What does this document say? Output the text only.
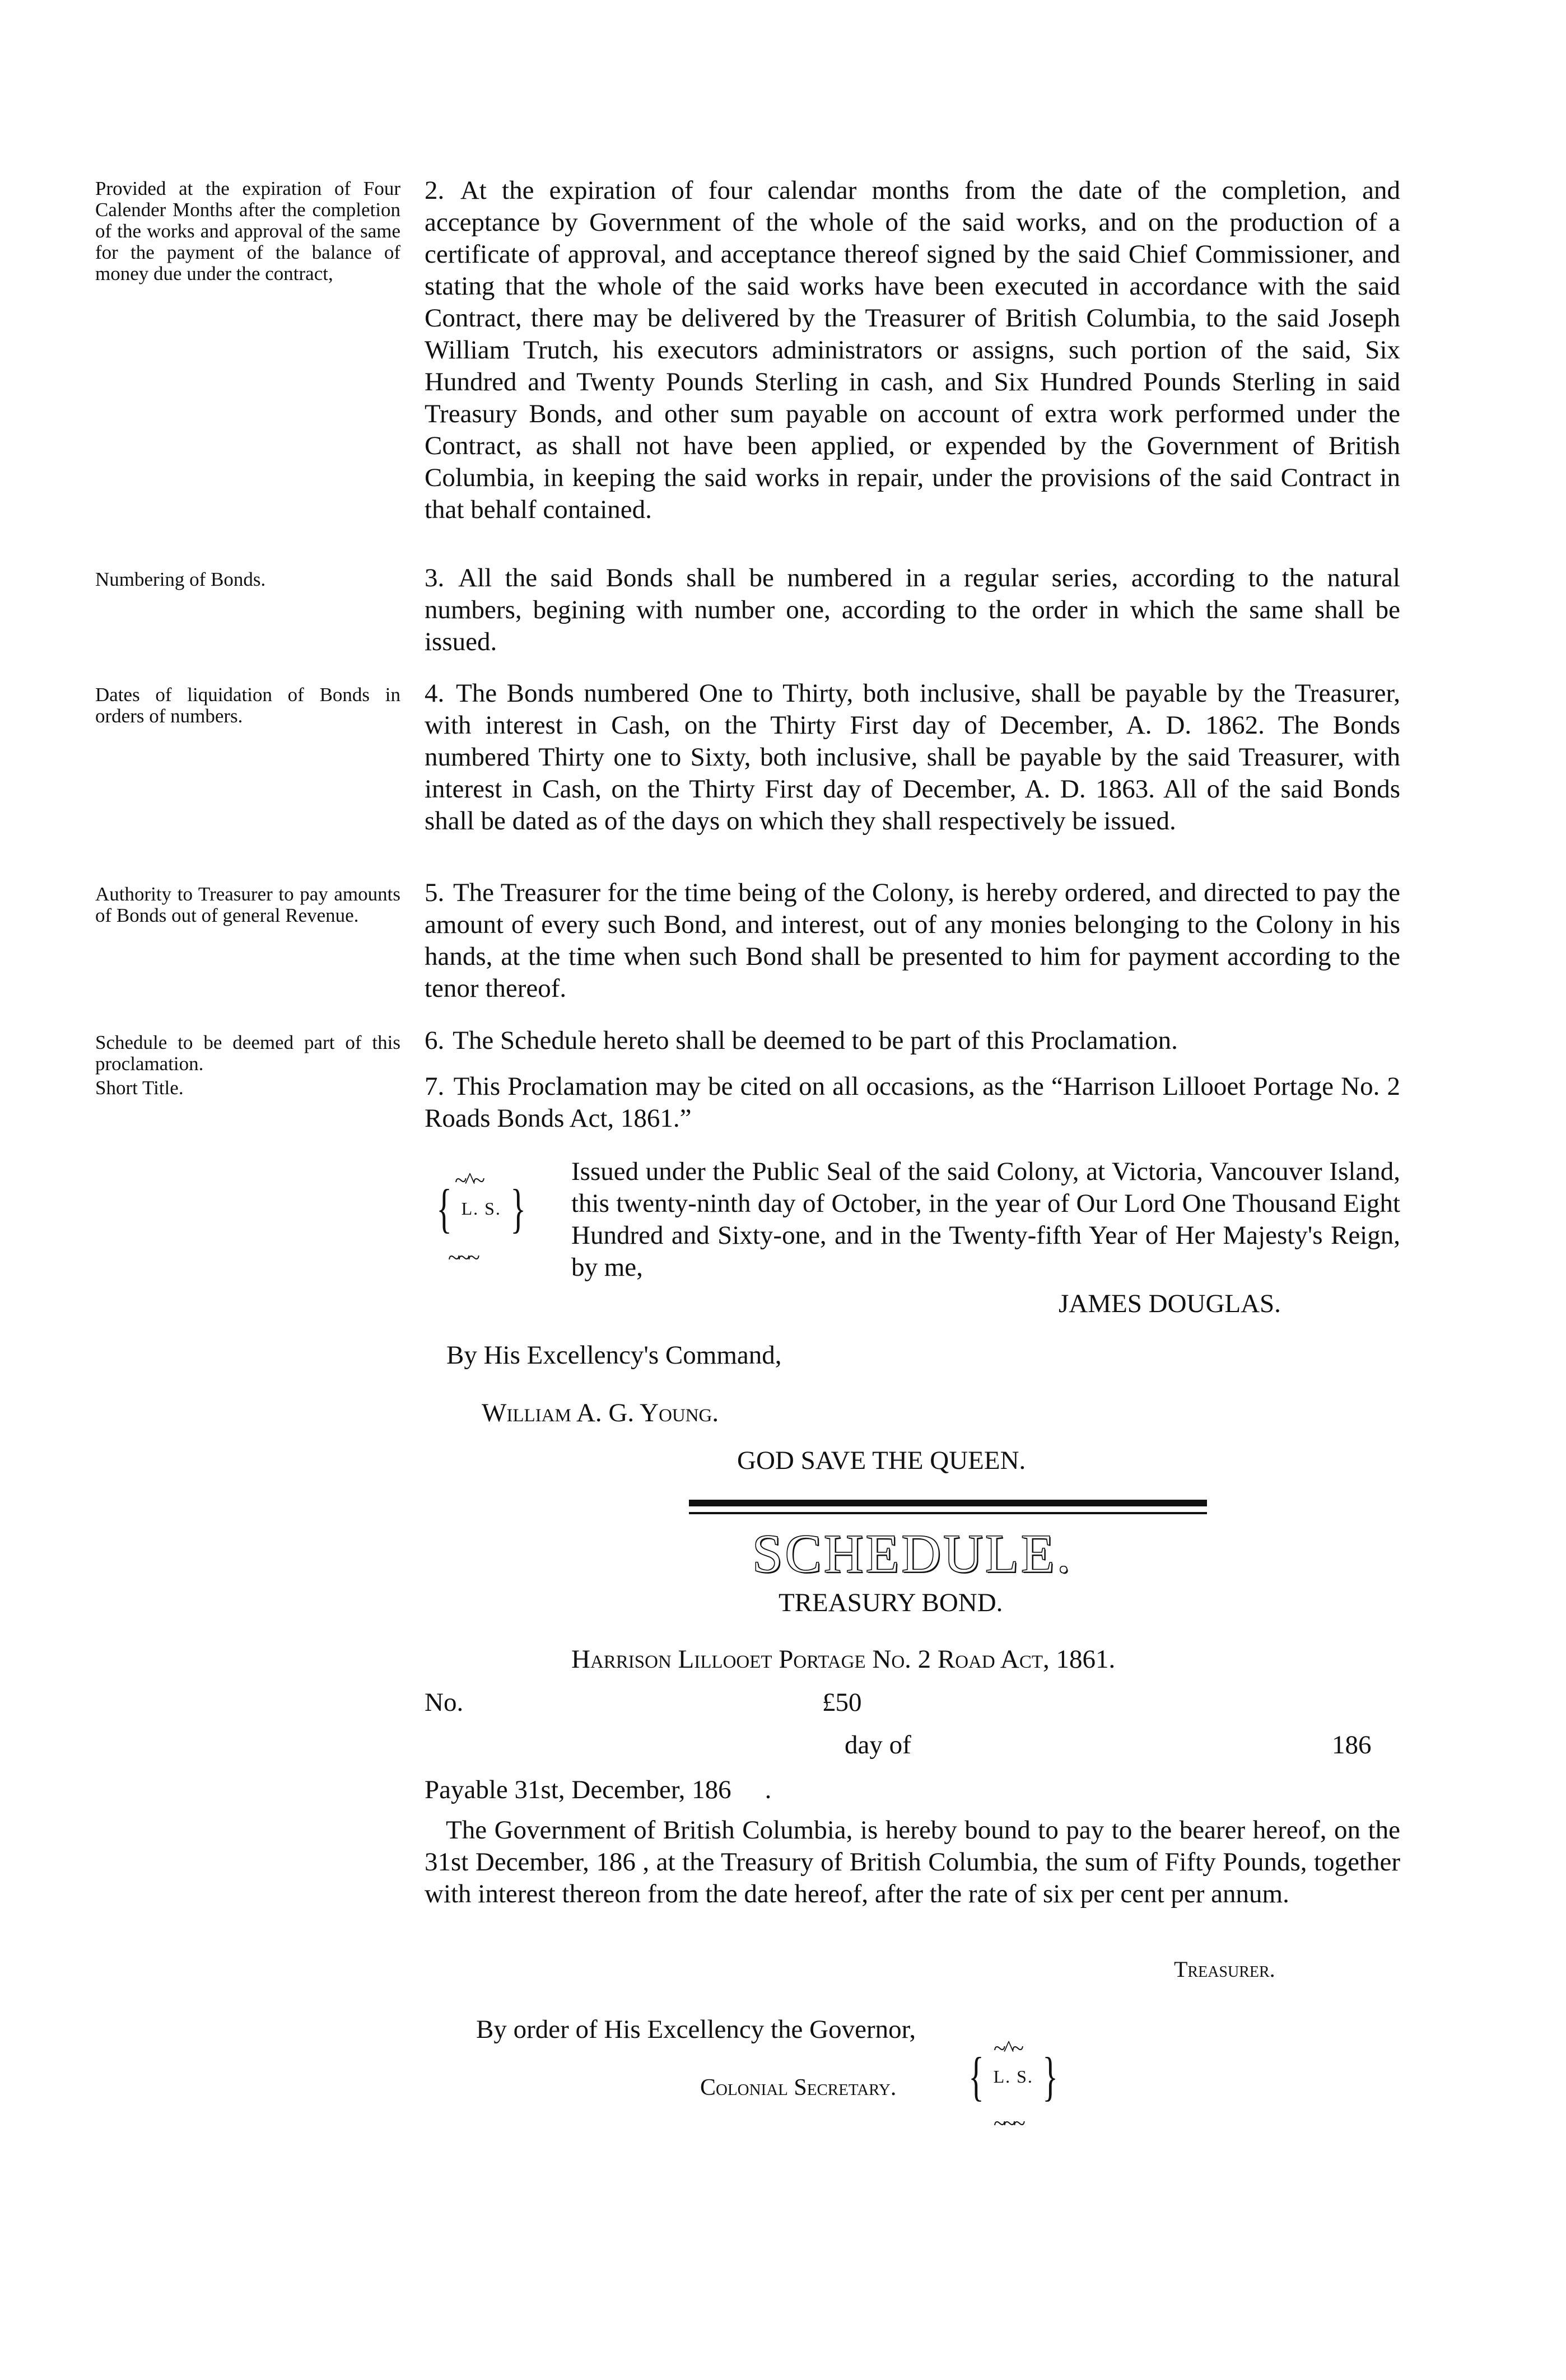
Provided at the expiration of Four Calender Months after the completion of the works and approval of the same for the payment of the balance of money due under the contract,
Numbering of Bonds.
Dates of liquidation of Bonds in orders of numbers.
Authority to Treasurer to pay amounts of Bonds out of general Revenue.
Schedule to be deemed part of this proclamation.
Short Title.
2. At the expiration of four calendar months from the date of the completion, and acceptance by Government of the whole of the said works, and on the production of a certificate of approval, and acceptance thereof signed by the said Chief Commissioner, and stating that the whole of the said works have been executed in accordance with the said Contract, there may be delivered by the Treasurer of British Columbia, to the said Joseph William Trutch, his executors administrators or assigns, such portion of the said, Six Hundred and Twenty Pounds Sterling in cash, and Six Hundred Pounds Sterling in said Treasury Bonds, and other sum payable on account of extra work performed under the Contract, as shall not have been applied, or expended by the Government of British Columbia, in keeping the said works in repair, under the provisions of the said Contract in that behalf contained.
3. All the said Bonds shall be numbered in a regular series, according to the natural numbers, begining with number one, according to the order in which the same shall be issued.
4. The Bonds numbered One to Thirty, both inclusive, shall be payable by the Treasurer, with interest in Cash, on the Thirty First day of December, A. D. 1862. The Bonds numbered Thirty one to Sixty, both inclusive, shall be payable by the said Treasurer, with interest in Cash, on the Thirty First day of December, A. D. 1863. All of the said Bonds shall be dated as of the days on which they shall respectively be issued.
5. The Treasurer for the time being of the Colony, is hereby ordered, and directed to pay the amount of every such Bond, and interest, out of any monies belonging to the Colony in his hands, at the time when such Bond shall be presented to him for payment according to the tenor thereof.
6. The Schedule hereto shall be deemed to be part of this Proclamation.
7. This Proclamation may be cited on all occasions, as the “Harrison Lillooet Portage No. 2 Roads Bonds Act, 1861.”
~^~
{ L. S. }
~~~
Issued under the Public Seal of the said Colony, at Victoria, Vancouver Island, this twenty-ninth day of October, in the year of Our Lord One Thousand Eight Hundred and Sixty-one, and in the Twenty-fifth Year of Her Majesty's Reign, by me,
JAMES DOUGLAS.
By His Excellency's Command,
William A. G. Young.
GOD SAVE THE QUEEN.
SCHEDULE.
TREASURY BOND.
Harrison Lillooet Portage No. 2 Road Act, 1861.
No.	£50
day of	186
Payable 31st, December, 186 .
The Government of British Columbia, is hereby bound to pay to the bearer hereof, on the 31st December, 186 , at the Treasury of British Columbia, the sum of Fifty Pounds, together with interest thereon from the date hereof, after the rate of six per cent per annum.
Treasurer.
By order of His Excellency the Governor,
Colonial Secretary.
~^~
{ L. S. }
~~~
